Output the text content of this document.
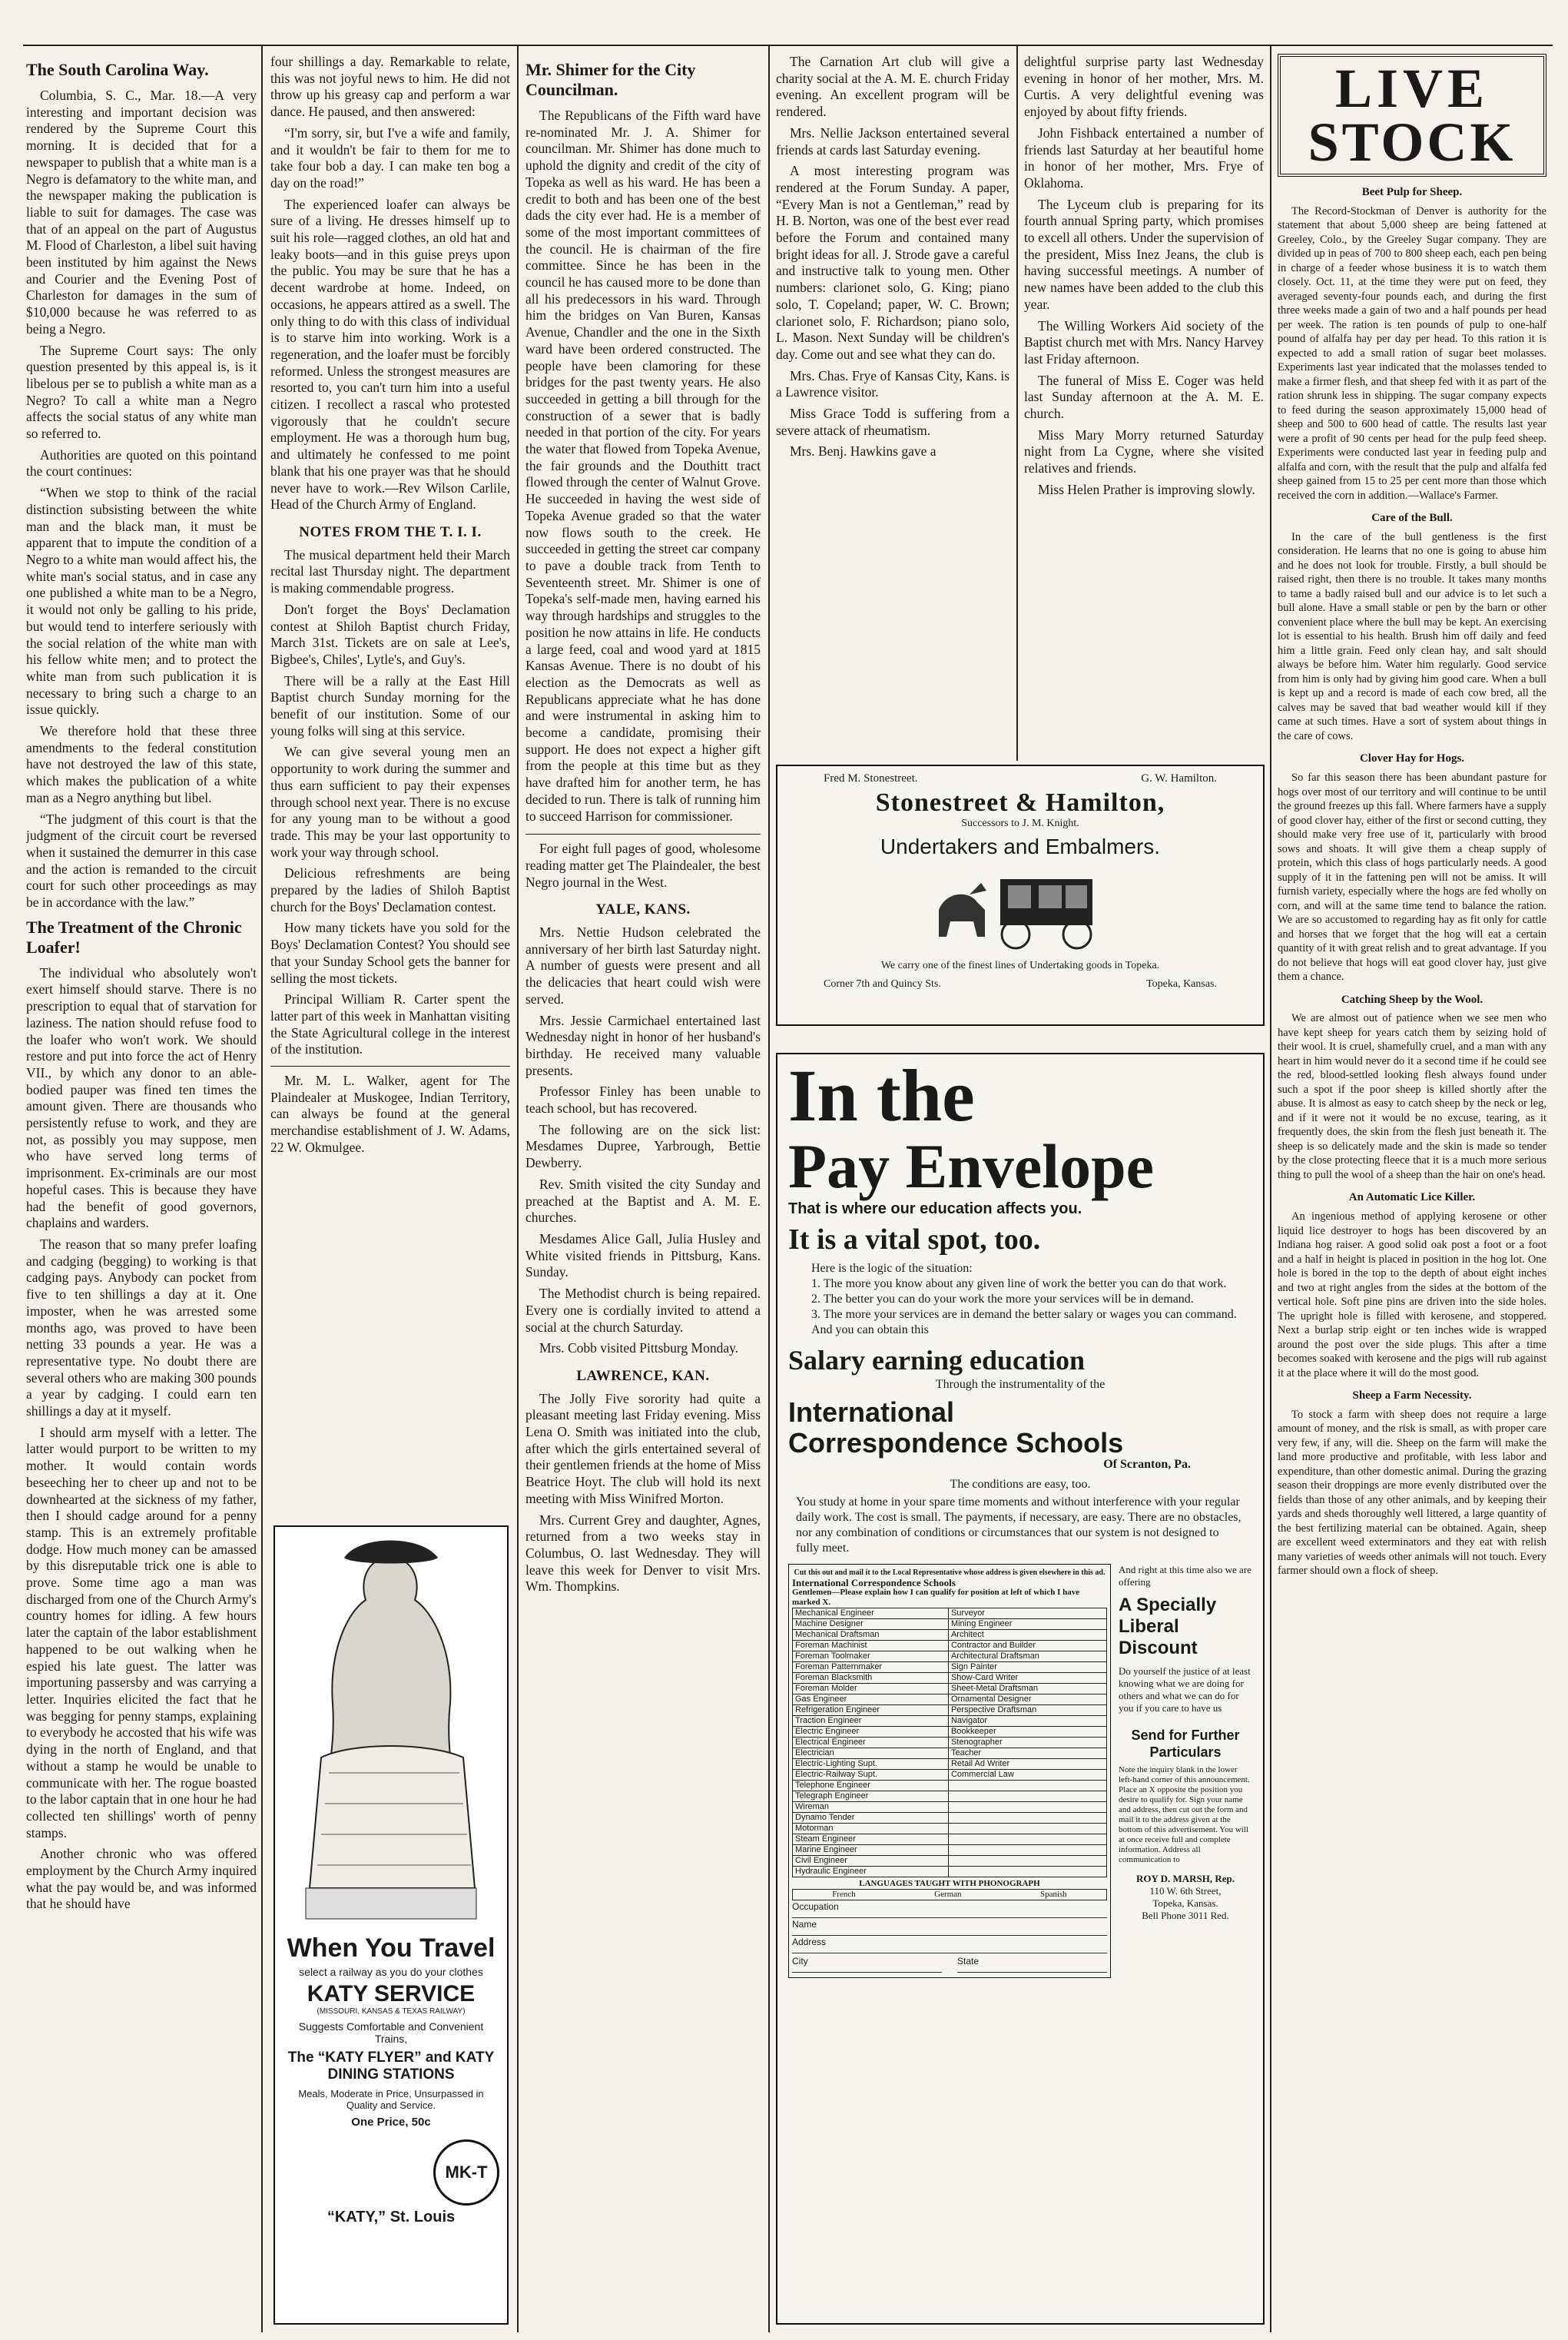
The South Carolina Way.

Columbia, S. C., Mar. 18.—A very interesting and important decision was rendered by the Supreme Court this morning. It is decided that for a newspaper to publish that a white man is a Negro is defamatory to the white man, and the newspaper making the publication is liable to suit for damages. The case was that of an appeal on the part of Augustus M. Flood of Charleston, a libel suit having been instituted by him against the News and Courier and the Evening Post of Charleston for damages in the sum of $10,000 because he was referred to as being a Negro.

The Supreme Court says: The only question presented by this appeal is, is it libelous per se to publish a white man as a Negro? To call a white man a Negro affects the social status of any white man so referred to.

Authorities are quoted on this pointand the court continues:

“When we stop to think of the racial distinction subsisting between the white man and the black man, it must be apparent that to impute the condition of a Negro to a white man would affect his, the white man's social status, and in case any one published a white man to be a Negro, it would not only be galling to his pride, but would tend to interfere seriously with the social relation of the white man with his fellow white men; and to protect the white man from such publication it is necessary to bring such a charge to an issue quickly.

We therefore hold that these three amendments to the federal constitution have not destroyed the law of this state, which makes the publication of a white man as a Negro anything but libel.

“The judgment of this court is that the judgment of the circuit court be reversed when it sustained the demurrer in this case and the action is remanded to the circuit court for such other proceedings as may be in accordance with the law.”

The Treatment of the Chronic Loafer!

The individual who absolutely won't exert himself should starve. There is no prescription to equal that of starvation for laziness. The nation should refuse food to the loafer who won't work. We should restore and put into force the act of Henry VII., by which any donor to an able-bodied pauper was fined ten times the amount given. There are thousands who persistently refuse to work, and they are not, as possibly you may suppose, men who have served long terms of imprisonment. Ex-criminals are our most hopeful cases. This is because they have had the benefit of good governors, chaplains and warders.

The reason that so many prefer loafing and cadging (begging) to working is that cadging pays. Anybody can pocket from five to ten shillings a day at it. One imposter, when he was arrested some months ago, was proved to have been netting 33 pounds a year. He was a representative type. No doubt there are several others who are making 300 pounds a year by cadging. I could earn ten shillings a day at it myself.

I should arm myself with a letter. The latter would purport to be written to my mother. It would contain words beseeching her to cheer up and not to be downhearted at the sickness of my father, then I should cadge around for a penny stamp. This is an extremely profitable dodge. How much money can be amassed by this disreputable trick one is able to prove. Some time ago a man was discharged from one of the Church Army's country homes for idling. A few hours later the captain of the labor establishment happened to be out walking when he espied his late guest. The latter was importuning passersby and was carrying a letter. Inquiries elicited the fact that he was begging for penny stamps, explaining to everybody he accosted that his wife was dying in the north of England, and that without a stamp he would be unable to communicate with her. The rogue boasted to the labor captain that in one hour he had collected ten shillings' worth of penny stamps.

Another chronic who was offered employment by the Church Army inquired what the pay would be, and was informed that he should have

four shillings a day. Remarkable to relate, this was not joyful news to him. He did not throw up his greasy cap and perform a war dance. He paused, and then answered:

“I'm sorry, sir, but I've a wife and family, and it wouldn't be fair to them for me to take four bob a day. I can make ten bog a day on the road!”

The experienced loafer can always be sure of a living. He dresses himself up to suit his role—ragged clothes, an old hat and leaky boots—and in this guise preys upon the public. You may be sure that he has a decent wardrobe at home. Indeed, on occasions, he appears attired as a swell. The only thing to do with this class of individual is to starve him into working. Work is a regeneration, and the loafer must be forcibly reformed. Unless the strongest measures are resorted to, you can't turn him into a useful citizen. I recollect a rascal who protested vigorously that he couldn't secure employment. He was a thorough hum bug, and ultimately he confessed to me point blank that his one prayer was that he should never have to work.—Rev Wilson Carlile, Head of the Church Army of England.

NOTES FROM THE T. I. I.

The musical department held their March recital last Thursday night. The department is making commendable progress.

Don't forget the Boys' Declamation contest at Shiloh Baptist church Friday, March 31st. Tickets are on sale at Lee's, Bigbee's, Chiles', Lytle's, and Guy's.

There will be a rally at the East Hill Baptist church Sunday morning for the benefit of our institution. Some of our young folks will sing at this service.

We can give several young men an opportunity to work during the summer and thus earn sufficient to pay their expenses through school next year. There is no excuse for any young man to be without a good trade. This may be your last opportunity to work your way through school.

Delicious refreshments are being prepared by the ladies of Shiloh Baptist church for the Boys' Declamation contest.

How many tickets have you sold for the Boys' Declamation Contest? You should see that your Sunday School gets the banner for selling the most tickets.

Principal William R. Carter spent the latter part of this week in Manhattan visiting the State Agricultural college in the interest of the institution.

Mr. M. L. Walker, agent for The Plaindealer at Muskogee, Indian Territory, can always be found at the general merchandise establishment of J. W. Adams, 22 W. Okmulgee.

When You Travel
select a railway as you do your clothes
KATY SERVICE
(MISSOURI, KANSAS & TEXAS RAILWAY)
Suggests Comfortable and Convenient Trains,
The “KATY FLYER” and KATY DINING STATIONS
Meals, Moderate in Price, Unsurpassed in Quality and Service.
One Price, 50c

MK-T
“KATY,” St. Louis
Mr. Shimer for the City Councilman.

The Republicans of the Fifth ward have re-nominated Mr. J. A. Shimer for councilman. Mr. Shimer has done much to uphold the dignity and credit of the city of Topeka as well as his ward. He has been a credit to both and has been one of the best dads the city ever had. He is a member of some of the most important committees of the council. He is chairman of the fire committee. Since he has been in the council he has caused more to be done than all his predecessors in his ward. Through him the bridges on Van Buren, Kansas Avenue, Chandler and the one in the Sixth ward have been ordered constructed. The people have been clamoring for these bridges for the past twenty years. He also succeeded in getting a bill through for the construction of a sewer that is badly needed in that portion of the city. For years the water that flowed from Topeka Avenue, the fair grounds and the Douthitt tract flowed through the center of Walnut Grove. He succeeded in having the west side of Topeka Avenue graded so that the water now flows south to the creek. He succeeded in getting the street car company to pave a double track from Tenth to Seventeenth street. Mr. Shimer is one of Topeka's self-made men, having earned his way through hardships and struggles to the position he now attains in life. He conducts a large feed, coal and wood yard at 1815 Kansas Avenue. There is no doubt of his election as the Democrats as well as Republicans appreciate what he has done and were instrumental in asking him to become a candidate, promising their support. He does not expect a higher gift from the people at this time but as they have drafted him for another term, he has decided to run. There is talk of running him to succeed Harrison for commissioner.

For eight full pages of good, wholesome reading matter get The Plaindealer, the best Negro journal in the West.

YALE, KANS.

Mrs. Nettie Hudson celebrated the anniversary of her birth last Saturday night. A number of guests were present and all the delicacies that heart could wish were served.

Mrs. Jessie Carmichael entertained last Wednesday night in honor of her husband's birthday. He received many valuable presents.

Professor Finley has been unable to teach school, but has recovered.

The following are on the sick list: Mesdames Dupree, Yarbrough, Bettie Dewberry.

Rev. Smith visited the city Sunday and preached at the Baptist and A. M. E. churches.

Mesdames Alice Gall, Julia Husley and White visited friends in Pittsburg, Kans. Sunday.

The Methodist church is being repaired. Every one is cordially invited to attend a social at the church Saturday.

Mrs. Cobb visited Pittsburg Monday.

LAWRENCE, KAN.

The Jolly Five sorority had quite a pleasant meeting last Friday evening. Miss Lena O. Smith was initiated into the club, after which the girls entertained several of their gentlemen friends at the home of Miss Beatrice Hoyt. The club will hold its next meeting with Miss Winifred Morton.

Mrs. Current Grey and daughter, Agnes, returned from a two weeks stay in Columbus, O. last Wednesday. They will leave this week for Denver to visit Mrs. Wm. Thompkins.

The Carnation Art club will give a charity social at the A. M. E. church Friday evening. An excellent program will be rendered.

Mrs. Nellie Jackson entertained several friends at cards last Saturday evening.

A most interesting program was rendered at the Forum Sunday. A paper, “Every Man is not a Gentleman,” read by H. B. Norton, was one of the best ever read before the Forum and contained many bright ideas for all. J. Strode gave a careful and instructive talk to young men. Other numbers: clarionet solo, G. King; piano solo, T. Copeland; paper, W. C. Brown; clarionet solo, F. Richardson; piano solo, L. Mason. Next Sunday will be children's day. Come out and see what they can do.

Mrs. Chas. Frye of Kansas City, Kans. is a Lawrence visitor.

Miss Grace Todd is suffering from a severe attack of rheumatism.

Mrs. Benj. Hawkins gave a

delightful surprise party last Wednesday evening in honor of her mother, Mrs. M. Curtis. A very delightful evening was enjoyed by about fifty friends.

John Fishback entertained a number of friends last Saturday at her beautiful home in honor of her mother, Mrs. Frye of Oklahoma.

The Lyceum club is preparing for its fourth annual Spring party, which promises to excell all others. Under the supervision of the president, Miss Inez Jeans, the club is having successful meetings. A number of new names have been added to the club this year.

The Willing Workers Aid society of the Baptist church met with Mrs. Nancy Harvey last Friday afternoon.

The funeral of Miss E. Coger was held last Sunday afternoon at the A. M. E. church.

Miss Mary Morry returned Saturday night from La Cygne, where she visited relatives and friends.

Miss Helen Prather is improving slowly.

Fred M. Stonestreet.	G. W. Hamilton.
Stonestreet & Hamilton,
Successors to J. M. Knight.
Undertakers and Embalmers.
We carry one of the finest lines of Undertaking goods in Topeka.
Corner 7th and Quincy Sts.	Topeka, Kansas.
In the
Pay Envelope
That is where our education affects you.
It is a vital spot, too.
Here is the logic of the situation:
1. The more you know about any given line of work the better you can do that work.
2. The better you can do your work the more your services will be in demand.
3. The more your services are in demand the better salary or wages you can command.
And you can obtain this
Salary earning education
Through the instrumentality of the
International
Correspondence Schools
Of Scranton, Pa.
The conditions are easy, too.
You study at home in your spare time moments and without interference with your regular daily work. The cost is small. The payments, if necessary, are easy. There are no obstacles, nor any combination of conditions or circumstances that our system is not designed to fully meet.
Cut this out and mail it to the Local Representative whose address is given elsewhere in this ad.
International Correspondence Schools
Gentlemen—Please explain how I can qualify for position at left of which I have marked X.
Mechanical Engineer	Surveyor
Machine Designer	Mining Engineer
Mechanical Draftsman	Architect
Foreman Machinist	Contractor and Builder
Foreman Toolmaker	Architectural Draftsman
Foreman Patternmaker	Sign Painter
Foreman Blacksmith	Show-Card Writer
Foreman Molder	Sheet-Metal Draftsman
Gas Engineer	Ornamental Designer
Refrigeration Engineer	Perspective Draftsman
Traction Engineer	Navigator
Electric Engineer	Bookkeeper
Electrical Engineer	Stenographer
Electrician	Teacher
Electric-Lighting Supt.	Retail Ad Writer
Electric-Railway Supt.	Commercial Law
Telephone Engineer	
Telegraph Engineer	
Wireman	
Dynamo Tender	
Motorman	
Steam Engineer	
Marine Engineer	
Civil Engineer	
Hydraulic Engineer	
LANGUAGES TAUGHT WITH PHONOGRAPH
French	German	Spanish
Occupation
Name
Address
City	State
And right at this time also we are offering
A Specially Liberal Discount
Do yourself the justice of at least knowing what we are doing for others and what we can do for you if you care to have us
Send for Further Particulars
Note the inquiry blank in the lower left-hand corner of this announcement. Place an X opposite the position you desire to qualify for. Sign your name and address, then cut out the form and mail it to the address given at the bottom of this advertisement. You will at once receive full and complete information. Address all communication to
ROY D. MARSH, Rep.
110 W. 6th Street,
Topeka, Kansas.
Bell Phone 3011 Red.
LIVE
STOCK
Beet Pulp for Sheep.

The Record-Stockman of Denver is authority for the statement that about 5,000 sheep are being fattened at Greeley, Colo., by the Greeley Sugar company. They are divided up in peas of 700 to 800 sheep each, each pen being in charge of a feeder whose business it is to watch them closely. Oct. 11, at the time they were put on feed, they averaged seventy-four pounds each, and during the first three weeks made a gain of two and a half pounds per head per week. The ration is ten pounds of pulp to one-half pound of alfalfa hay per day per head. To this ration it is expected to add a small ration of sugar beet molasses. Experiments last year indicated that the molasses tended to make a firmer flesh, and that sheep fed with it as part of the ration shrunk less in shipping. The sugar company expects to feed during the season approximately 15,000 head of sheep and 500 to 600 head of cattle. The results last year were a profit of 90 cents per head for the pulp feed sheep. Experiments were conducted last year in feeding pulp and alfalfa and corn, with the result that the pulp and alfalfa fed sheep gained from 15 to 25 per cent more than those which received the corn in addition.—Wallace's Farmer.

Care of the Bull.

In the care of the bull gentleness is the first consideration. He learns that no one is going to abuse him and he does not look for trouble. Firstly, a bull should be raised right, then there is no trouble. It takes many months to tame a badly raised bull and our advice is to let such a bull alone. Have a small stable or pen by the barn or other convenient place where the bull may be kept. An exercising lot is essential to his health. Brush him off daily and feed him a little grain. Feed only clean hay, and salt should always be before him. Water him regularly. Good service from him is only had by giving him good care. When a bull is kept up and a record is made of each cow bred, all the calves may be saved that bad weather would kill if they came at such times. Have a sort of system about things in the care of cows.

Clover Hay for Hogs.

So far this season there has been abundant pasture for hogs over most of our territory and will continue to be until the ground freezes up this fall. Where farmers have a supply of good clover hay, either of the first or second cutting, they should make very free use of it, particularly with brood sows and shoats. It will give them a cheap supply of protein, which this class of hogs particularly needs. A good supply of it in the fattening pen will not be amiss. It will furnish variety, especially where the hogs are fed wholly on corn, and will at the same time tend to balance the ration. We are so accustomed to regarding hay as fit only for cattle and horses that we forget that the hog will eat a certain quantity of it with great relish and to great advantage. If you do not believe that hogs will eat good clover hay, just give them a chance.

Catching Sheep by the Wool.

We are almost out of patience when we see men who have kept sheep for years catch them by seizing hold of their wool. It is cruel, shamefully cruel, and a man with any heart in him would never do it a second time if he could see the red, blood-settled looking flesh always found under such a spot if the poor sheep is killed shortly after the abuse. It is almost as easy to catch sheep by the neck or leg, and if it were not it would be no excuse, tearing, as it frequently does, the skin from the flesh just beneath it. The sheep is so delicately made and the skin is made so tender by the close protecting fleece that it is a much more serious thing to pull the wool of a sheep than the hair on one's head.

An Automatic Lice Killer.

An ingenious method of applying kerosene or other liquid lice destroyer to hogs has been discovered by an Indiana hog raiser. A good solid oak post a foot or a foot and a half in height is placed in position in the hog lot. One hole is bored in the top to the depth of about eight inches and two at right angles from the sides at the bottom of the vertical hole. Soft pine pins are driven into the side holes. The upright hole is filled with kerosene, and stoppered. Next a burlap strip eight or ten inches wide is wrapped around the post over the side plugs. This after a time becomes soaked with kerosene and the pigs will rub against it at the place where it will do the most good.

Sheep a Farm Necessity.

To stock a farm with sheep does not require a large amount of money, and the risk is small, as with proper care very few, if any, will die. Sheep on the farm will make the land more productive and profitable, with less labor and expenditure, than other domestic animal. During the grazing season their droppings are more evenly distributed over the fields than those of any other animals, and by keeping their yards and sheds thoroughly well littered, a large quantity of the best fertilizing material can be obtained. Again, sheep are excellent weed exterminators and they eat with relish many varieties of weeds other animals will not touch. Every farmer should own a flock of sheep.
